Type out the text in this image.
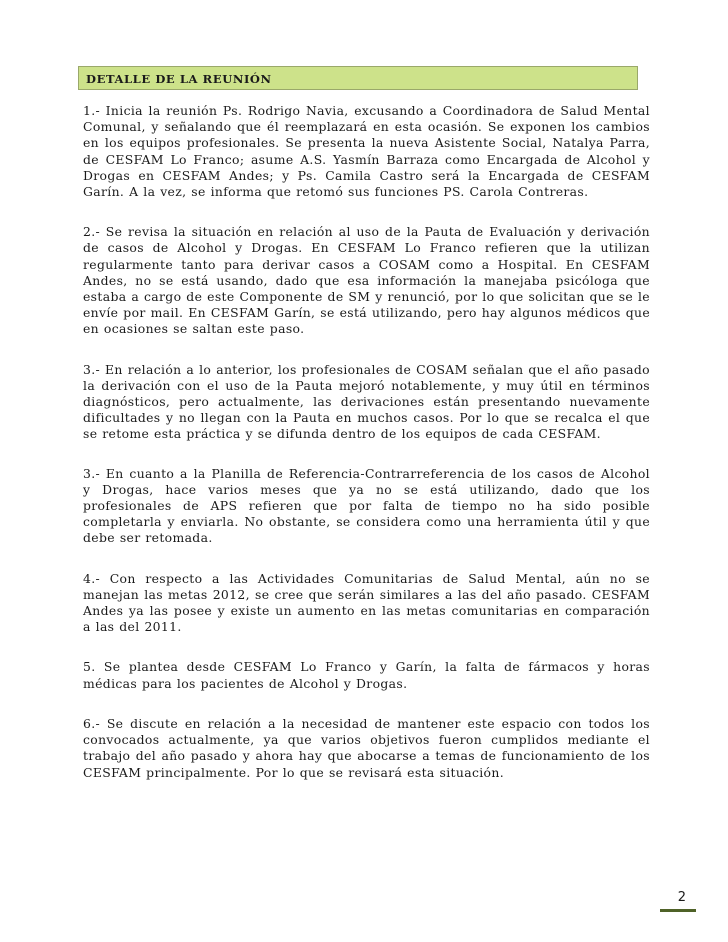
DETALLE DE LA REUNIÓN

1.- Inicia la reunión Ps. Rodrigo Navia, excusando a Coordinadora de Salud Mental Comunal, y señalando que él reemplazará en esta ocasión. Se exponen los cambios en los equipos profesionales. Se presenta la nueva Asistente Social, Natalya Parra, de CESFAM Lo Franco; asume A.S. Yasmín Barraza como Encargada de Alcohol y Drogas en CESFAM Andes; y Ps. Camila Castro será la Encargada de CESFAM Garín. A la vez, se informa que retomó sus funciones PS. Carola Contreras.

2.- Se revisa la situación en relación al uso de la Pauta de Evaluación y derivación de casos de Alcohol y Drogas. En CESFAM Lo Franco refieren que la utilizan regularmente tanto para derivar casos a COSAM como a Hospital. En CESFAM Andes, no se está usando, dado que esa información la manejaba psicóloga que estaba a cargo de este Componente de SM y renunció, por lo que solicitan que se le envíe por mail. En CESFAM Garín, se está utilizando, pero hay algunos médicos que en ocasiones se saltan este paso.

3.- En relación a lo anterior, los profesionales de COSAM señalan que el año pasado la derivación con el uso de la Pauta mejoró notablemente, y muy útil en términos diagnósticos, pero actualmente, las derivaciones están presentando nuevamente dificultades y no llegan con la Pauta en muchos casos. Por lo que se recalca el que se retome esta práctica y se difunda dentro de los equipos de cada CESFAM.

3.- En cuanto a la Planilla de Referencia-Contrarreferencia de los casos de Alcohol y Drogas, hace varios meses que ya no se está utilizando, dado que los profesionales de APS refieren que por falta de tiempo no ha sido posible completarla y enviarla. No obstante, se considera como una herramienta útil y que debe ser retomada.

4.- Con respecto a las Actividades Comunitarias de Salud Mental, aún no se manejan las metas 2012, se cree que serán similares a las del año pasado. CESFAM Andes ya las posee y existe un aumento en las metas comunitarias en comparación a las del 2011.

5. Se plantea desde CESFAM Lo Franco y Garín, la falta de fármacos y horas médicas para los pacientes de Alcohol y Drogas.

6.- Se discute en relación a la necesidad de mantener este espacio con todos los convocados actualmente, ya que varios objetivos fueron cumplidos mediante el trabajo del año pasado y ahora hay que abocarse a temas de funcionamiento de los CESFAM principalmente. Por lo que se revisará esta situación.

2
